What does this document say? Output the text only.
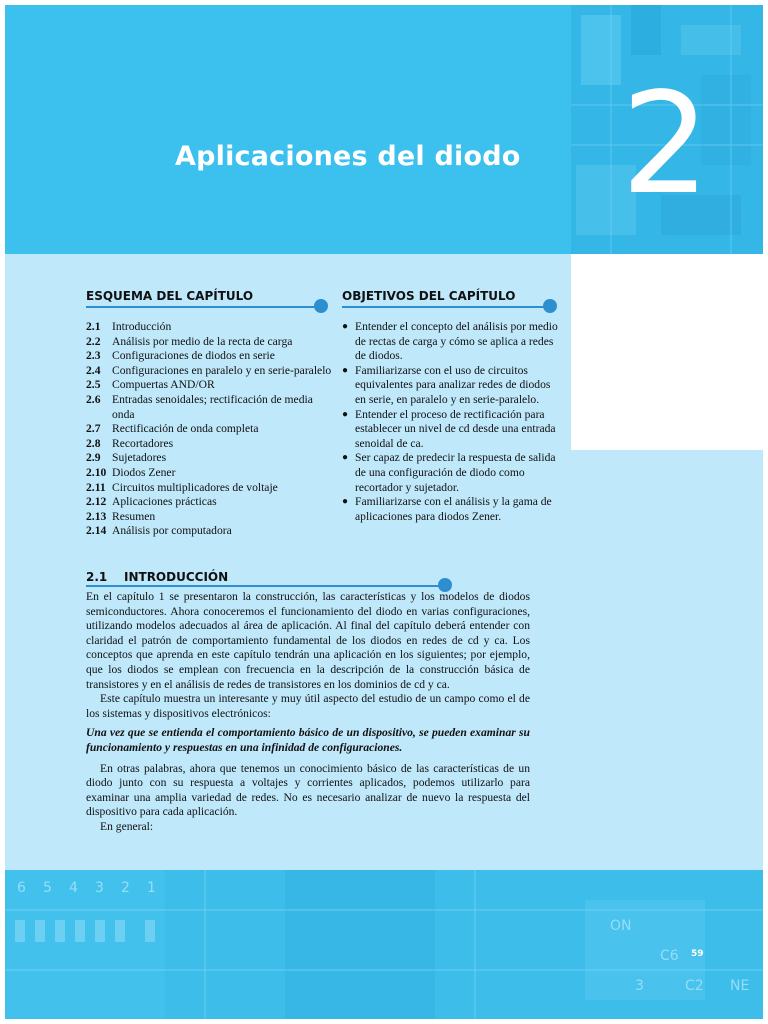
Aplicaciones del diodo 2
ESQUEMA DEL CAPÍTULO	OBJETIVOS DEL CAPÍTULO
2.1 Introducción
2.2 Análisis por medio de la recta de carga
2.3 Configuraciones de diodos en serie
2.4 Configuraciones en paralelo y en serie-paralelo
2.5 Compuertas AND/OR
2.6 Entradas senoidales; rectificación de media onda
2.7 Rectificación de onda completa
2.8 Recortadores
2.9 Sujetadores
2.10 Diodos Zener
2.11 Circuitos multiplicadores de voltaje
2.12 Aplicaciones prácticas
2.13 Resumen
2.14 Análisis por computadora
● Entender el concepto del análisis por medio de rectas de carga y cómo se aplica a redes de diodos.
● Familiarizarse con el uso de circuitos equivalentes para analizar redes de diodos en serie, en paralelo y en serie-paralelo.
● Entender el proceso de rectificación para establecer un nivel de cd desde una entrada senoidal de ca.
● Ser capaz de predecir la respuesta de salida de una configuración de diodo como recortador y sujetador.
● Familiarizarse con el análisis y la gama de aplicaciones para diodos Zener.
2.1 INTRODUCCIÓN

En el capítulo 1 se presentaron la construcción, las características y los modelos de diodos semiconductores. Ahora conoceremos el funcionamiento del diodo en varias configuraciones, utilizando modelos adecuados al área de aplicación. Al final del capítulo deberá entender con claridad el patrón de comportamiento fundamental de los diodos en redes de cd y ca. Los conceptos que aprenda en este capítulo tendrán una aplicación en los siguientes; por ejemplo, que los diodos se emplean con frecuencia en la descripción de la construcción básica de transistores y en el análisis de redes de transistores en los dominios de cd y ca.

Este capítulo muestra un interesante y muy útil aspecto del estudio de un campo como el de los sistemas y dispositivos electrónicos:

Una vez que se entienda el comportamiento básico de un dispositivo, se pueden examinar su funcionamiento y respuestas en una infinidad de configuraciones.

En otras palabras, ahora que tenemos un conocimiento básico de las características de un diodo junto con su respuesta a voltajes y corrientes aplicados, podemos utilizarlo para examinar una amplia variedad de redes. No es necesario analizar de nuevo la respuesta del dispositivo para cada aplicación.

En general:

6 5 4 3 2 1
ON
C6
C2
3	NE
59
